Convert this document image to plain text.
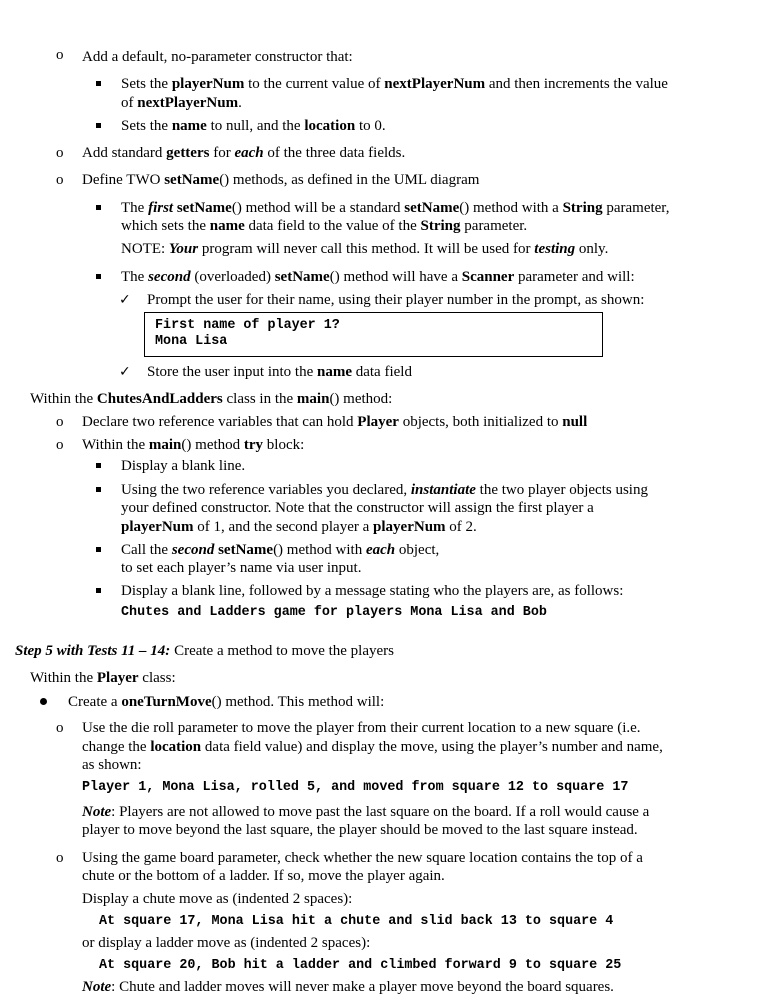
o
o
o
✓
✓
o
o
o
o
Add a default, no-parameter constructor that:
Sets the playerNum to the current value of nextPlayerNum and then increments the value
of nextPlayerNum.
Sets the name to null, and the location to 0.
Add standard getters for each of the three data fields.
Define TWO setName() methods, as defined in the UML diagram
The first setName() method will be a standard setName() method with a String parameter,
which sets the name data field to the value of the String parameter.
NOTE: Your program will never call this method. It will be used for testing only.
The second (overloaded) setName() method will have a Scanner parameter and will:
Prompt the user for their name, using their player number in the prompt, as shown:
First name of player 1?
Mona Lisa
Store the user input into the name data field
Within the ChutesAndLadders class in the main() method:
Declare two reference variables that can hold Player objects, both initialized to null
Within the main() method try block:
Display a blank line.
Using the two reference variables you declared, instantiate the two player objects using
your defined constructor. Note that the constructor will assign the first player a
playerNum of 1, and the second player a playerNum of 2.
Call the second setName() method with each object,
to set each player’s name via user input.
Display a blank line, followed by a message stating who the players are, as follows:
Chutes and Ladders game for players Mona Lisa and Bob
Step 5 with Tests 11 – 14: Create a method to move the players
Within the Player class:
Create a oneTurnMove() method. This method will:
Use the die roll parameter to move the player from their current location to a new square (i.e.
change the location data field value) and display the move, using the player’s number and name,
as shown:
Player 1, Mona Lisa, rolled 5, and moved from square 12 to square 17
Note: Players are not allowed to move past the last square on the board. If a roll would cause a
player to move beyond the last square, the player should be moved to the last square instead.
Using the game board parameter, check whether the new square location contains the top of a
chute or the bottom of a ladder. If so, move the player again.
Display a chute move as (indented 2 spaces):
At square 17, Mona Lisa hit a chute and slid back 13 to square 4
or display a ladder move as (indented 2 spaces):
At square 20, Bob hit a ladder and climbed forward 9 to square 25
Note: Chute and ladder moves will never make a player move beyond the board squares.
